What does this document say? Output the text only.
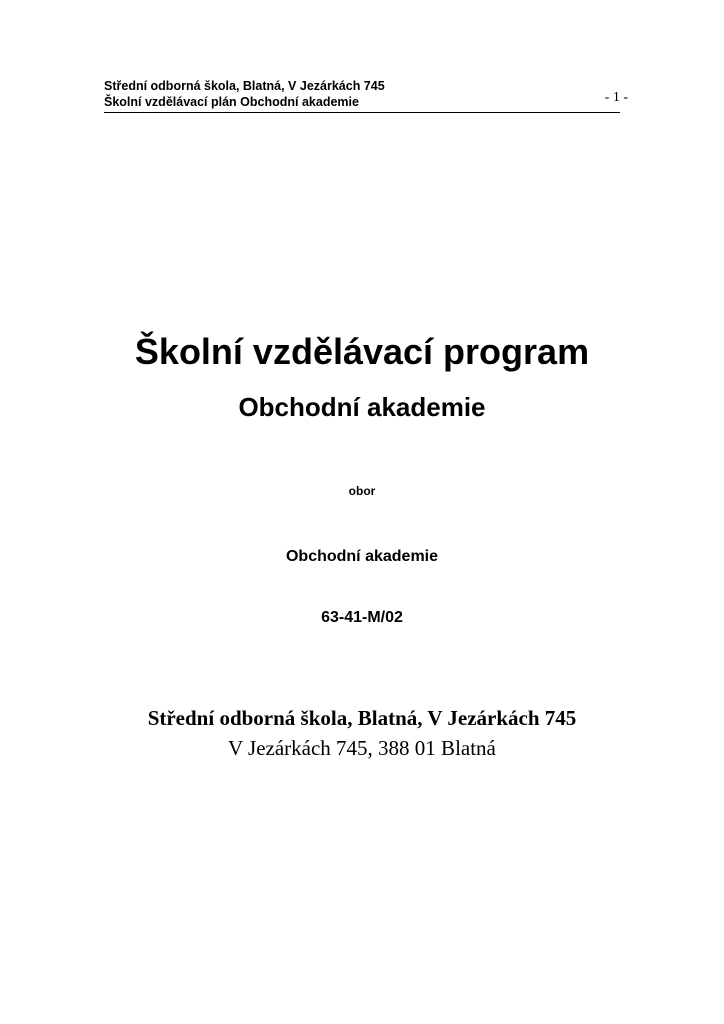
Střední odborná škola, Blatná, V Jezárkách 745
Školní vzdělávací plán Obchodní akademie	- 1 -
Školní vzdělávací program
Obchodní akademie
obor
Obchodní akademie
63-41-M/02
Střední odborná škola, Blatná, V Jezárkách 745
V Jezárkách 745, 388 01 Blatná
